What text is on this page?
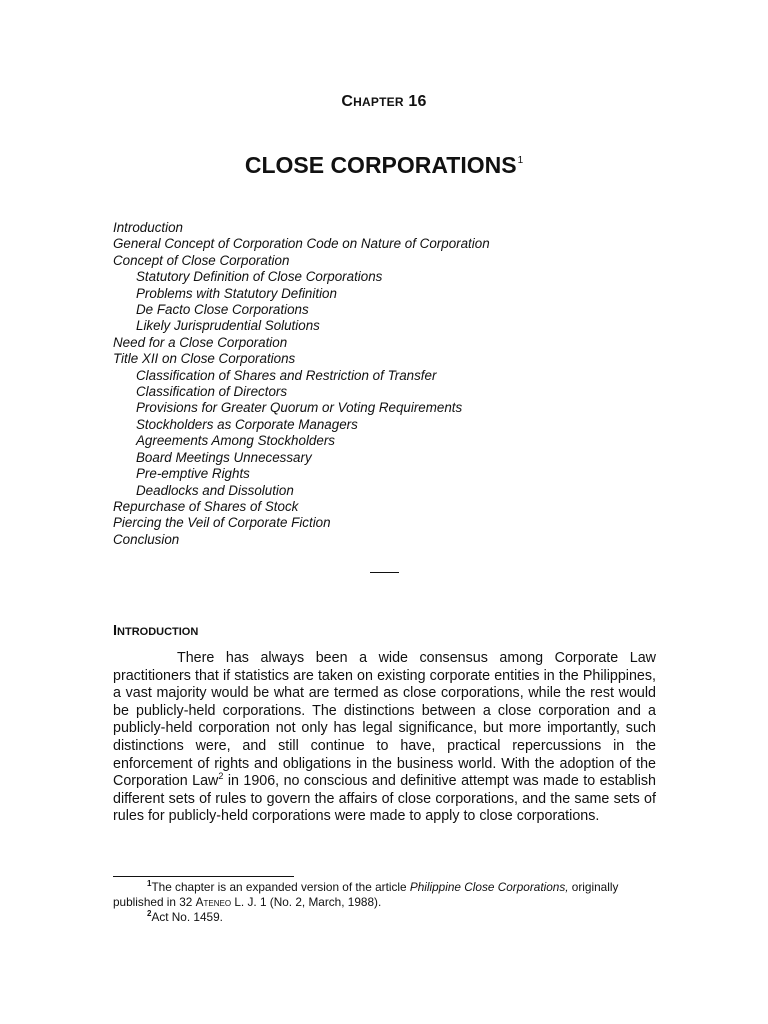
CHAPTER 16
CLOSE CORPORATIONS$^1$
Introduction
General Concept of Corporation Code on Nature of Corporation
Concept of Close Corporation
Statutory Definition of Close Corporations
Problems with Statutory Definition
De Facto Close Corporations
Likely Jurisprudential Solutions
Need for a Close Corporation
Title XII on Close Corporations
Classification of Shares and Restriction of Transfer
Classification of Directors
Provisions for Greater Quorum or Voting Requirements
Stockholders as Corporate Managers
Agreements Among Stockholders
Board Meetings Unnecessary
Pre-emptive Rights
Deadlocks and Dissolution
Repurchase of Shares of Stock
Piercing the Veil of Corporate Fiction
Conclusion
INTRODUCTION

There has always been a wide consensus among Corporate Law practitioners that if statistics are taken on existing corporate entities in the Philippines, a vast majority would be what are termed as close corporations, while the rest would be publicly-held corporations. The distinctions between a close corporation and a publicly-held corporation not only has legal significance, but more importantly, such distinctions were, and still continue to have, practical repercussions in the enforcement of rights and obligations in the business world. With the adoption of the Corporation Law$^2$ in 1906, no conscious and definitive attempt was made to establish different sets of rules to govern the affairs of close corporations, and the same sets of rules for publicly-held corporations were made to apply to close corporations.

$^1$The chapter is an expanded version of the article Philippine Close Corporations, originally published in 32 Ateneo L. J. 1 (No. 2, March, 1988).

$^2$Act No. 1459.
